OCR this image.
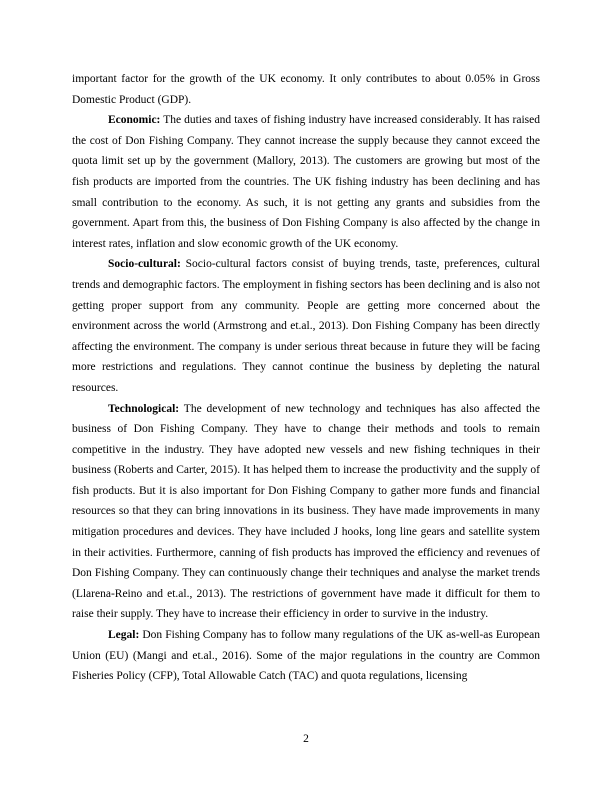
important factor for the growth of the UK economy. It only contributes to about 0.05% in Gross Domestic Product (GDP).

Economic: The duties and taxes of fishing industry have increased considerably. It has raised the cost of Don Fishing Company. They cannot increase the supply because they cannot exceed the quota limit set up by the government (Mallory, 2013). The customers are growing but most of the fish products are imported from the countries. The UK fishing industry has been declining and has small contribution to the economy. As such, it is not getting any grants and subsidies from the government. Apart from this, the business of Don Fishing Company is also affected by the change in interest rates, inflation and slow economic growth of the UK economy.

Socio-cultural: Socio-cultural factors consist of buying trends, taste, preferences, cultural trends and demographic factors. The employment in fishing sectors has been declining and is also not getting proper support from any community. People are getting more concerned about the environment across the world (Armstrong and et.al., 2013). Don Fishing Company has been directly affecting the environment. The company is under serious threat because in future they will be facing more restrictions and regulations. They cannot continue the business by depleting the natural resources.

Technological: The development of new technology and techniques has also affected the business of Don Fishing Company. They have to change their methods and tools to remain competitive in the industry. They have adopted new vessels and new fishing techniques in their business (Roberts and Carter, 2015). It has helped them to increase the productivity and the supply of fish products. But it is also important for Don Fishing Company to gather more funds and financial resources so that they can bring innovations in its business. They have made improvements in many mitigation procedures and devices. They have included J hooks, long line gears and satellite system in their activities. Furthermore, canning of fish products has improved the efficiency and revenues of Don Fishing Company. They can continuously change their techniques and analyse the market trends (Llarena-Reino and et.al., 2013). The restrictions of government have made it difficult for them to raise their supply. They have to increase their efficiency in order to survive in the industry.

Legal: Don Fishing Company has to follow many regulations of the UK as-well-as European Union (EU) (Mangi and et.al., 2016). Some of the major regulations in the country are Common Fisheries Policy (CFP), Total Allowable Catch (TAC) and quota regulations, licensing

2
